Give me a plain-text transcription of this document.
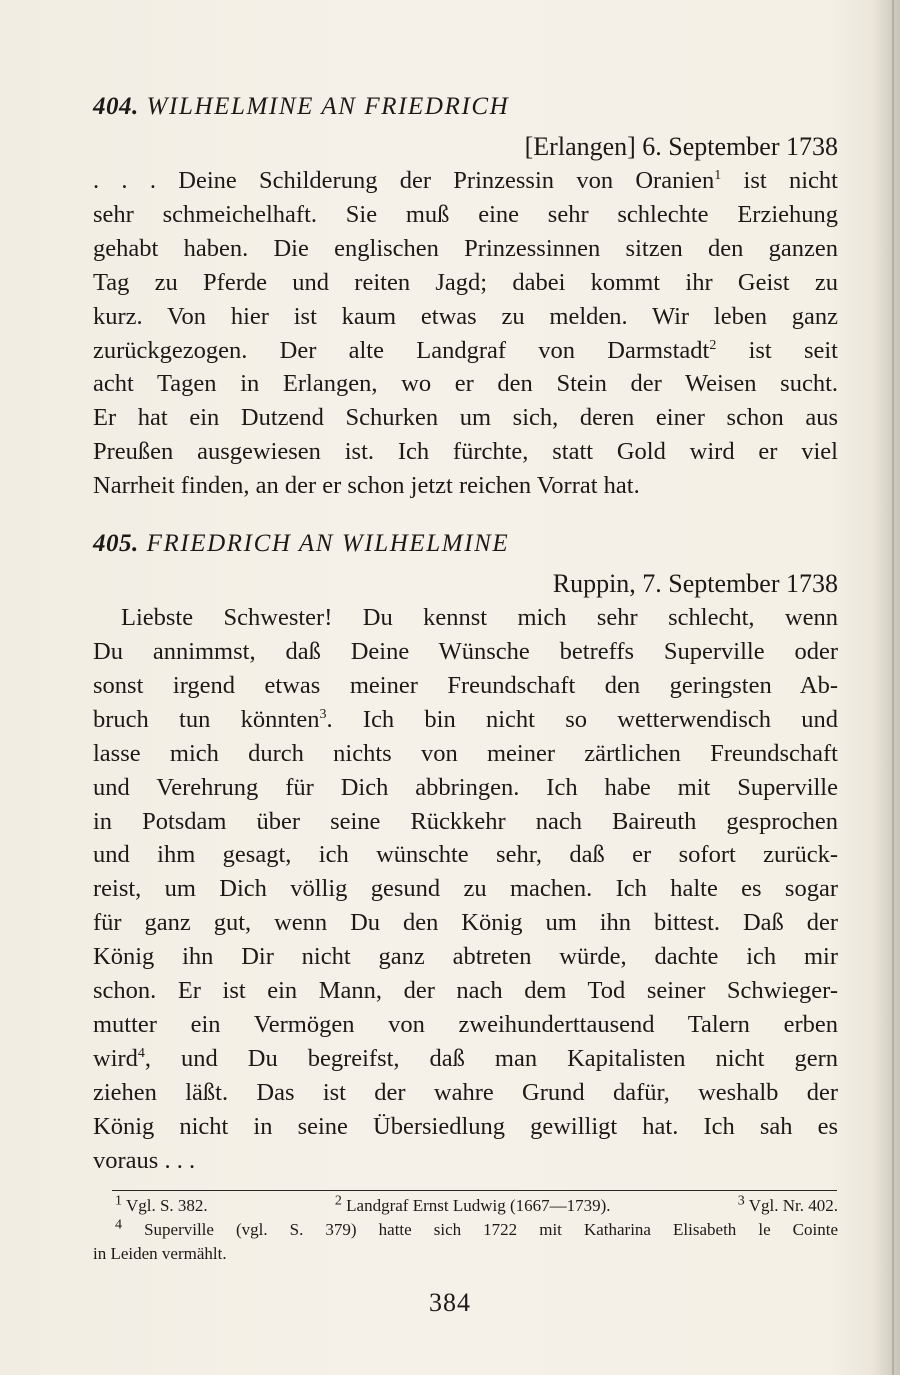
404. WILHELMINE AN FRIEDRICH
[Erlangen] 6. September 1738
. . . Deine Schilderung der Prinzessin von Oranien$^1$ ist nicht
sehr schmeichelhaft. Sie muß eine sehr schlechte Erziehung
gehabt haben. Die englischen Prinzessinnen sitzen den ganzen
Tag zu Pferde und reiten Jagd; dabei kommt ihr Geist zu
kurz. Von hier ist kaum etwas zu melden. Wir leben ganz
zurückgezogen. Der alte Landgraf von Darmstadt$^2$ ist seit
acht Tagen in Erlangen, wo er den Stein der Weisen sucht.
Er hat ein Dutzend Schurken um sich, deren einer schon aus
Preußen ausgewiesen ist. Ich fürchte, statt Gold wird er viel
Narrheit finden, an der er schon jetzt reichen Vorrat hat.
405. FRIEDRICH AN WILHELMINE
Ruppin, 7. September 1738
Liebste Schwester! Du kennst mich sehr schlecht, wenn
Du annimmst, daß Deine Wünsche betreffs Superville oder
sonst irgend etwas meiner Freundschaft den geringsten Ab-
bruch tun könnten$^3$. Ich bin nicht so wetterwendisch und
lasse mich durch nichts von meiner zärtlichen Freundschaft
und Verehrung für Dich abbringen. Ich habe mit Superville
in Potsdam über seine Rückkehr nach Baireuth gesprochen
und ihm gesagt, ich wünschte sehr, daß er sofort zurück-
reist, um Dich völlig gesund zu machen. Ich halte es sogar
für ganz gut, wenn Du den König um ihn bittest. Daß der
König ihn Dir nicht ganz abtreten würde, dachte ich mir
schon. Er ist ein Mann, der nach dem Tod seiner Schwieger-
mutter ein Vermögen von zweihunderttausend Talern erben
wird$^4$, und Du begreifst, daß man Kapitalisten nicht gern
ziehen läßt. Das ist der wahre Grund dafür, weshalb der
König nicht in seine Übersiedlung gewilligt hat. Ich sah es
voraus . . .
$^1$ Vgl. S. 382.	$^2$ Landgraf Ernst Ludwig (1667—1739).	$^3$ Vgl. Nr. 402.
$^4$ Superville (vgl. S. 379) hatte sich 1722 mit Katharina Elisabeth le Cointe
in Leiden vermählt.
384
